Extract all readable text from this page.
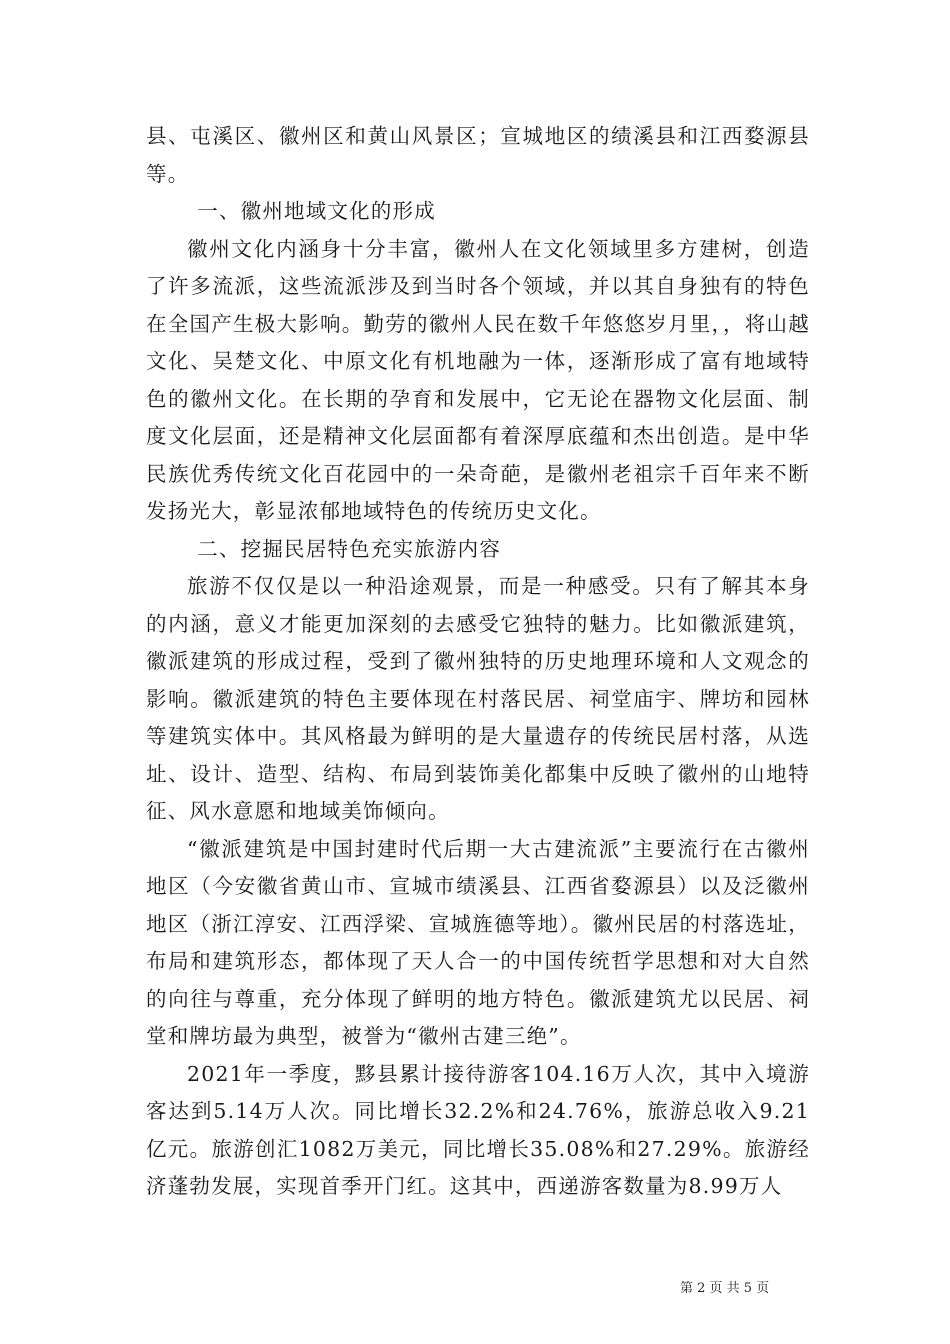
县、屯溪区、徽州区和黄山风景区；宣城地区的绩溪县和江西婺源县等。

一、徽州地域文化的形成

徽州文化内涵身十分丰富，徽州人在文化领域里多方建树，创造了许多流派，这些流派涉及到当时各个领域，并以其自身独有的特色在全国产生极大影响。勤劳的徽州人民在数千年悠悠岁月里，，将山越文化、吴楚文化、中原文化有机地融为一体，逐渐形成了富有地域特色的徽州文化。在长期的孕育和发展中，它无论在器物文化层面、制度文化层面，还是精神文化层面都有着深厚底蕴和杰出创造。是中华民族优秀传统文化百花园中的一朵奇葩，是徽州老祖宗千百年来不断发扬光大，彰显浓郁地域特色的传统历史文化。

二、挖掘民居特色充实旅游内容

旅游不仅仅是以一种沿途观景，而是一种感受。只有了解其本身的内涵，意义才能更加深刻的去感受它独特的魅力。比如徽派建筑，徽派建筑的形成过程，受到了徽州独特的历史地理环境和人文观念的影响。徽派建筑的特色主要体现在村落民居、祠堂庙宇、牌坊和园林等建筑实体中。其风格最为鲜明的是大量遗存的传统民居村落，从选址、设计、造型、结构、布局到装饰美化都集中反映了徽州的山地特征、风水意愿和地域美饰倾向。

“徽派建筑是中国封建时代后期一大古建流派”主要流行在古徽州地区（今安徽省黄山市、宣城市绩溪县、江西省婺源县）以及泛徽州地区（浙江淳安、江西浮梁、宣城旌德等地）。徽州民居的村落选址，布局和建筑形态，都体现了天人合一的中国传统哲学思想和对大自然的向往与尊重，充分体现了鲜明的地方特色。徽派建筑尤以民居、祠堂和牌坊最为典型，被誉为“徽州古建三绝”。

2021年一季度，黟县累计接待游客104.16万人次，其中入境游客达到5.14万人次。同比增长32.2%和24.76%，旅游总收入9.21亿元。旅游创汇1082万美元，同比增长35.08%和27.29%。旅游经济蓬勃发展，实现首季开门红。这其中，西递游客数量为8.99万人

第 2 页 共 5 页
